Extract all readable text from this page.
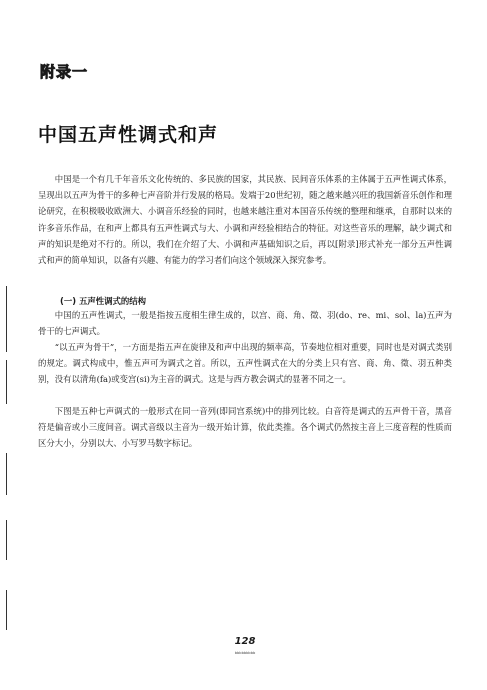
附录一
中国五声性调式和声

中国是一个有几千年音乐文化传统的、多民族的国家，其民族、民间音乐体系的主体属于五声性调式体系，呈现出以五声为骨干的多种七声音阶并行发展的格局。发端于20世纪初，随之越来越兴旺的我国新音乐创作和理论研究，在积极吸收欧洲大、小调音乐经验的同时，也越来越注重对本国音乐传统的整理和继承，自那时以来的许多音乐作品，在和声上都具有五声性调式与大、小调和声经验相结合的特征。对这些音乐的理解，缺少调式和声的知识是绝对不行的。所以，我们在介绍了大、小调和声基础知识之后，再以[附录]形式补充一部分五声性调式和声的简单知识，以备有兴趣、有能力的学习者们向这个领域深入探究参考。

(一) 五声性调式的结构

中国的五声性调式，一般是指按五度相生律生成的，以宫、商、角、徵、羽(do、re、mi、sol、la)五声为骨干的七声调式。

“以五声为骨干”，一方面是指五声在旋律及和声中出现的频率高，节奏地位相对重要，同时也是对调式类别的规定。调式构成中，惟五声可为调式之首。所以，五声性调式在大的分类上只有宫、商、角、徵、羽五种类别，没有以清角(fa)或变宫(si)为主音的调式。这是与西方教会调式的显著不同之一。

下图是五种七声调式的一般形式在同一音列(即同宫系统)中的排列比较。白音符是调式的五声骨干音，黑音符是偏音或小三度间音。调式音级以主音为一级开始计算，依此类推。各个调式仍然按主音上三度音程的性质而区分大小，分别以大、小写罗马数字标记。

128
bbbbbbbbb
